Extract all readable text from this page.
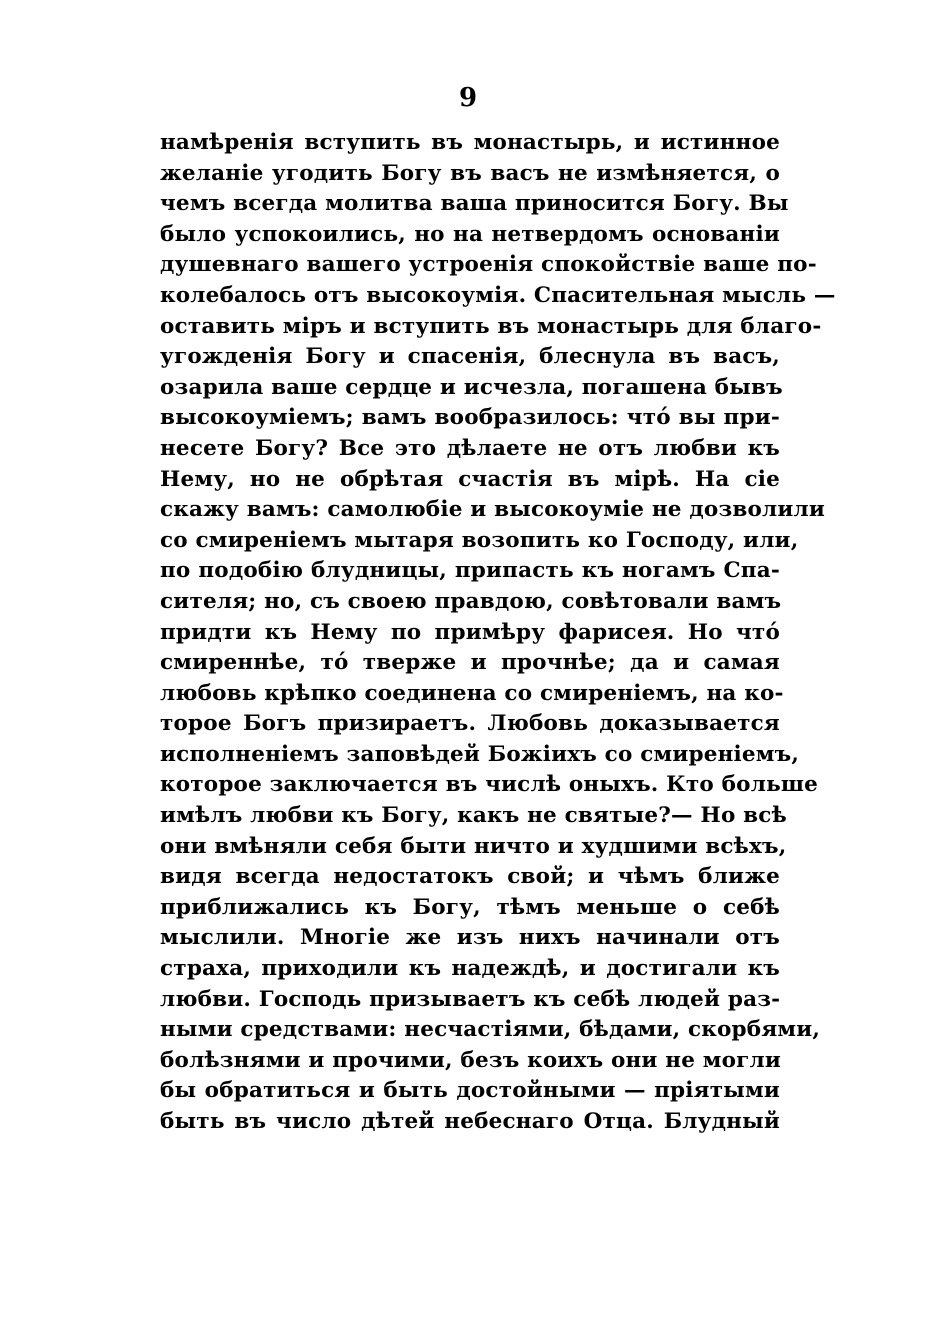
9
намѣренія вступить въ монастырь, и истинное
желаніе угодить Богу въ васъ не измѣняется, о
чемъ всегда молитва ваша приносится Богу. Вы
было успокоились, но на нетвердомъ основаніи
душевнаго вашего устроенія спокойствіе ваше по-
колебалось отъ высокоумія. Спасительная мысль —
оставить міръ и вступить въ монастырь для благо-
угожденія Богу и спасенія, блеснула въ васъ,
озарила ваше сердце и исчезла, погашена бывъ
высокоуміемъ; вамъ вообразилось: что́ вы при-
несете Богу? Все это дѣлаете не отъ любви къ
Нему, но не обрѣтая счастія въ мірѣ. На сіе
скажу вамъ: самолюбіе и высокоуміе не дозволили
со смиреніемъ мытаря возопить ко Господу, или,
по подобію блудницы, припасть къ ногамъ Спа-
сителя; но, съ своею правдою, совѣтовали вамъ
придти къ Нему по примѣру фарисея. Но что́
смиреннѣе, то́ тверже и прочнѣе; да и самая
любовь крѣпко соединена со смиреніемъ, на ко-
торое Богъ призираетъ. Любовь доказывается
исполненіемъ заповѣдей Божіихъ со смиреніемъ,
которое заключается въ числѣ оныхъ. Кто больше
имѣлъ любви къ Богу, какъ не святые?— Но всѣ
они вмѣняли себя быти ничто и худшими всѣхъ,
видя всегда недостатокъ свой; и чѣмъ ближе
приближались къ Богу, тѣмъ меньше о себѣ
мыслили. Многіе же изъ нихъ начинали отъ
страха, приходили къ надеждѣ, и достигали къ
любви. Господь призываетъ къ себѣ людей раз-
ными средствами: несчастіями, бѣдами, скорбями,
болѣзнями и прочими, безъ коихъ они не могли
бы обратиться и быть достойными — пріятыми
быть въ число дѣтей небеснаго Отца. Блудный
